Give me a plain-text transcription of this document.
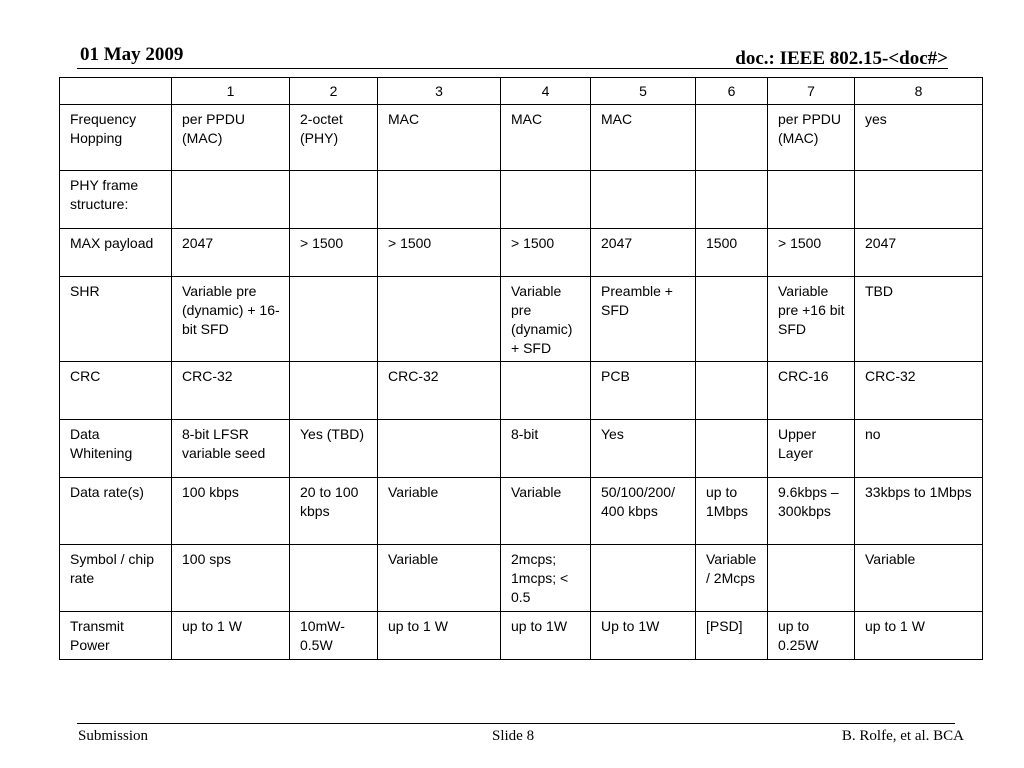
01 May 2009	doc.: IEEE 802.15-<doc#>
	1	2	3	4	5	6	7	8
Frequency Hopping	per PPDU (MAC)	2-octet (PHY)	MAC	MAC	MAC		per PPDU (MAC)	yes
PHY frame structure:								
MAX payload	2047	> 1500	> 1500	> 1500	2047	1500	> 1500	2047
SHR	Variable pre (dynamic) + 16-bit SFD			Variable pre (dynamic) + SFD	Preamble + SFD		Variable pre +16 bit SFD	TBD
CRC	CRC-32		CRC-32		PCB		CRC-16	CRC-32
Data Whitening	8-bit LFSR variable seed	Yes (TBD)		8-bit	Yes		Upper Layer	no
Data rate(s)	100 kbps	20 to 100 kbps	Variable	Variable	50/100/200/ 400 kbps	up to 1Mbps	9.6kbps – 300kbps	33kbps to 1Mbps
Symbol / chip rate	100 sps		Variable	2mcps; 1mcps; < 0.5		Variable / 2Mcps		Variable
Transmit Power	up to 1 W	10mW- 0.5W	up to 1 W	up to 1W	Up to 1W	[PSD]	up to 0.25W	up to 1 W
Submission	Slide 8	B. Rolfe, et al. BCA
